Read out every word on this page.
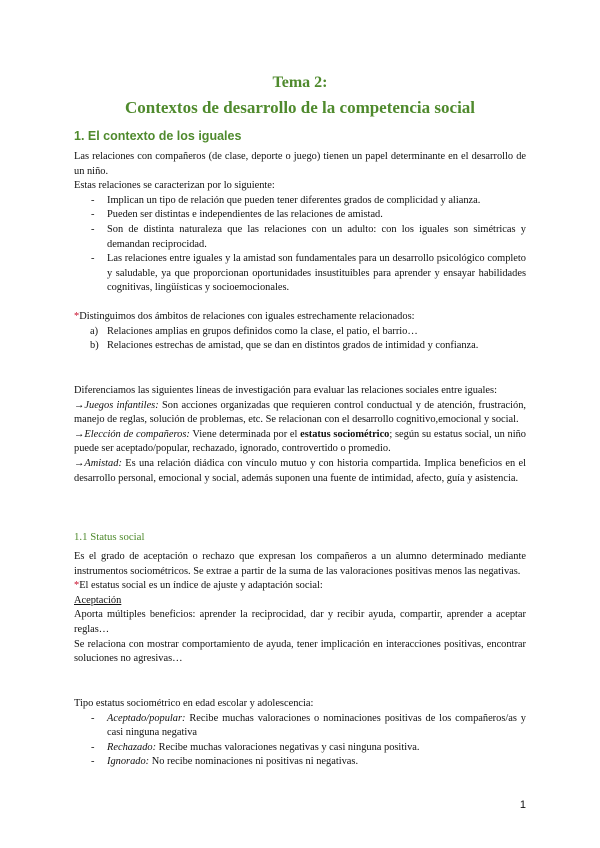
Tema 2:
Contextos de desarrollo de la competencia social
1. El contexto de los iguales

Las relaciones con compañeros (de clase, deporte o juego) tienen un papel determinante en el desarrollo de un niño.

Estas relaciones se caracterizan por lo siguiente:

- Implican un tipo de relación que pueden tener diferentes grados de complicidad y alianza.
- Pueden ser distintas e independientes de las relaciones de amistad.
- Son de distinta naturaleza que las relaciones con un adulto: con los iguales son simétricas y demandan reciprocidad.
- Las relaciones entre iguales y la amistad son fundamentales para un desarrollo psicológico completo y saludable, ya que proporcionan oportunidades insustituibles para aprender y ensayar habilidades cognitivas, lingüísticas y socioemocionales.

*Distinguimos dos ámbitos de relaciones con iguales estrechamente relacionados:

a) Relaciones amplias en grupos definidos como la clase, el patio, el barrio…
b) Relaciones estrechas de amistad, que se dan en distintos grados de intimidad y confianza.

Diferenciamos las siguientes líneas de investigación para evaluar las relaciones sociales entre iguales:

→Juegos infantiles: Son acciones organizadas que requieren control conductual y de atención, frustración, manejo de reglas, solución de problemas, etc. Se relacionan con el desarrollo cognitivo,emocional y social.

→Elección de compañeros: Viene determinada por el estatus sociométrico; según su estatus social, un niño puede ser aceptado/popular, rechazado, ignorado, controvertido o promedio.

→Amistad: Es una relación diádica con vínculo mutuo y con historia compartida. Implica beneficios en el desarrollo personal, emocional y social, además suponen una fuente de intimidad, afecto, guía y asistencia.

1.1 Status social

Es el grado de aceptación o rechazo que expresan los compañeros a un alumno determinado mediante instrumentos sociométricos. Se extrae a partir de la suma de las valoraciones positivas menos las negativas.

*El estatus social es un índice de ajuste y adaptación social:

Aceptación

Aporta múltiples beneficios: aprender la reciprocidad, dar y recibir ayuda, compartir, aprender a aceptar reglas…

Se relaciona con mostrar comportamiento de ayuda, tener implicación en interacciones positivas, encontrar soluciones no agresivas…

Tipo estatus sociométrico en edad escolar y adolescencia:

- Aceptado/popular: Recibe muchas valoraciones o nominaciones positivas de los compañeros/as y casi ninguna negativa
- Rechazado: Recibe muchas valoraciones negativas y casi ninguna positiva.
- Ignorado: No recibe nominaciones ni positivas ni negativas.
1
